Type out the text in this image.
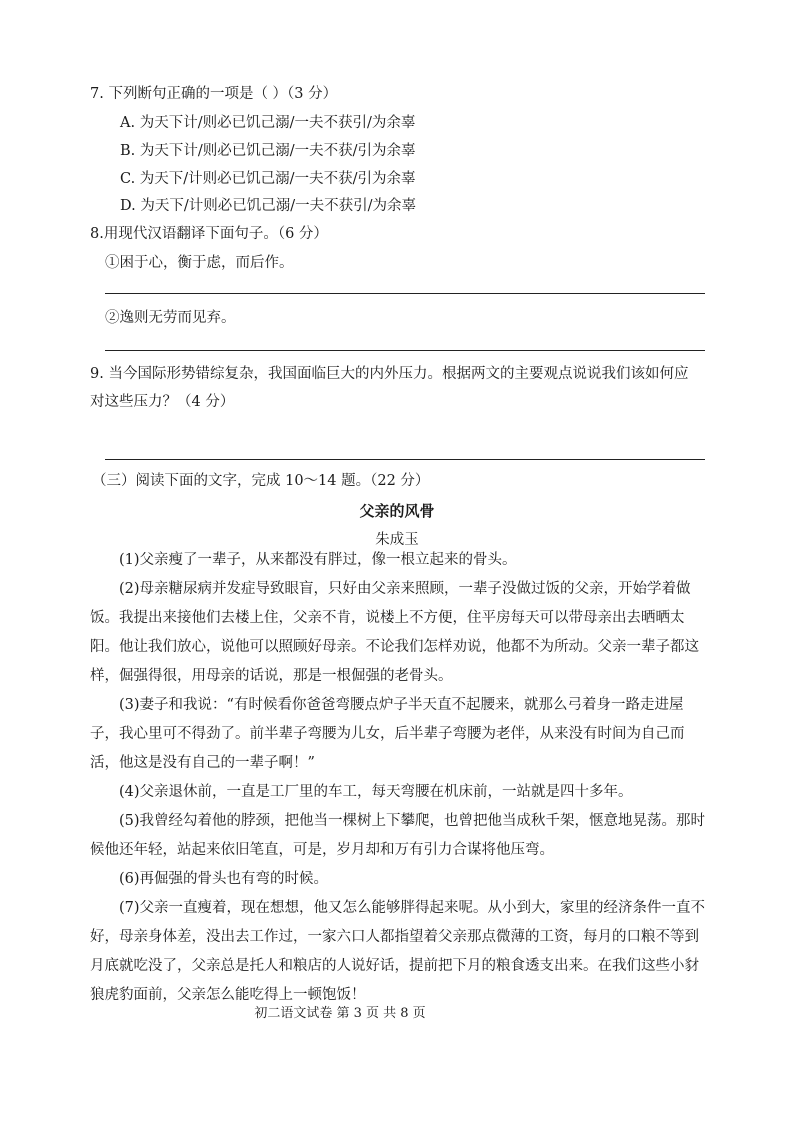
7. 下列断句正确的一项是（ ）（3 分）
A. 为天下计/则必已饥己溺/一夫不获引/为余辜
B. 为天下计/则必已饥己溺/一夫不获/引为余辜
C. 为天下/计则必已饥己溺/一夫不获/引为余辜
D. 为天下/计则必已饥己溺/一夫不获引/为余辜
8.用现代汉语翻译下面句子。（6 分）
①困于心，衡于虑，而后作。
②逸则无劳而见弃。
9. 当今国际形势错综复杂，我国面临巨大的内外压力。根据两文的主要观点说说我们该如何应
对这些压力？（4 分）
（三）阅读下面的文字，完成 10～14 题。（22 分）
父亲的风骨
朱成玉
(1)父亲瘦了一辈子，从来都没有胖过，像一根立起来的骨头。
(2)母亲糖尿病并发症导致眼盲，只好由父亲来照顾，一辈子没做过饭的父亲，开始学着做饭。我提出来接他们去楼上住，父亲不肯，说楼上不方便，住平房每天可以带母亲出去晒晒太阳。他让我们放心，说他可以照顾好母亲。不论我们怎样劝说，他都不为所动。父亲一辈子都这样，倔强得很，用母亲的话说，那是一根倔强的老骨头。
(3)妻子和我说：“有时候看你爸爸弯腰点炉子半天直不起腰来，就那么弓着身一路走进屋子，我心里可不得劲了。前半辈子弯腰为儿女，后半辈子弯腰为老伴，从来没有时间为自己而活，他这是没有自己的一辈子啊！”
(4)父亲退休前，一直是工厂里的车工，每天弯腰在机床前，一站就是四十多年。
(5)我曾经勾着他的脖颈，把他当一棵树上下攀爬，也曾把他当成秋千架，惬意地晃荡。那时候他还年轻，站起来依旧笔直，可是，岁月却和万有引力合谋将他压弯。
(6)再倔强的骨头也有弯的时候。
(7)父亲一直瘦着，现在想想，他又怎么能够胖得起来呢。从小到大，家里的经济条件一直不好，母亲身体差，没出去工作过，一家六口人都指望着父亲那点微薄的工资，每月的口粮不等到月底就吃没了，父亲总是托人和粮店的人说好话，提前把下月的粮食透支出来。在我们这些小豺狼虎豹面前，父亲怎么能吃得上一顿饱饭！
初二语文试卷 第 3 页 共 8 页
